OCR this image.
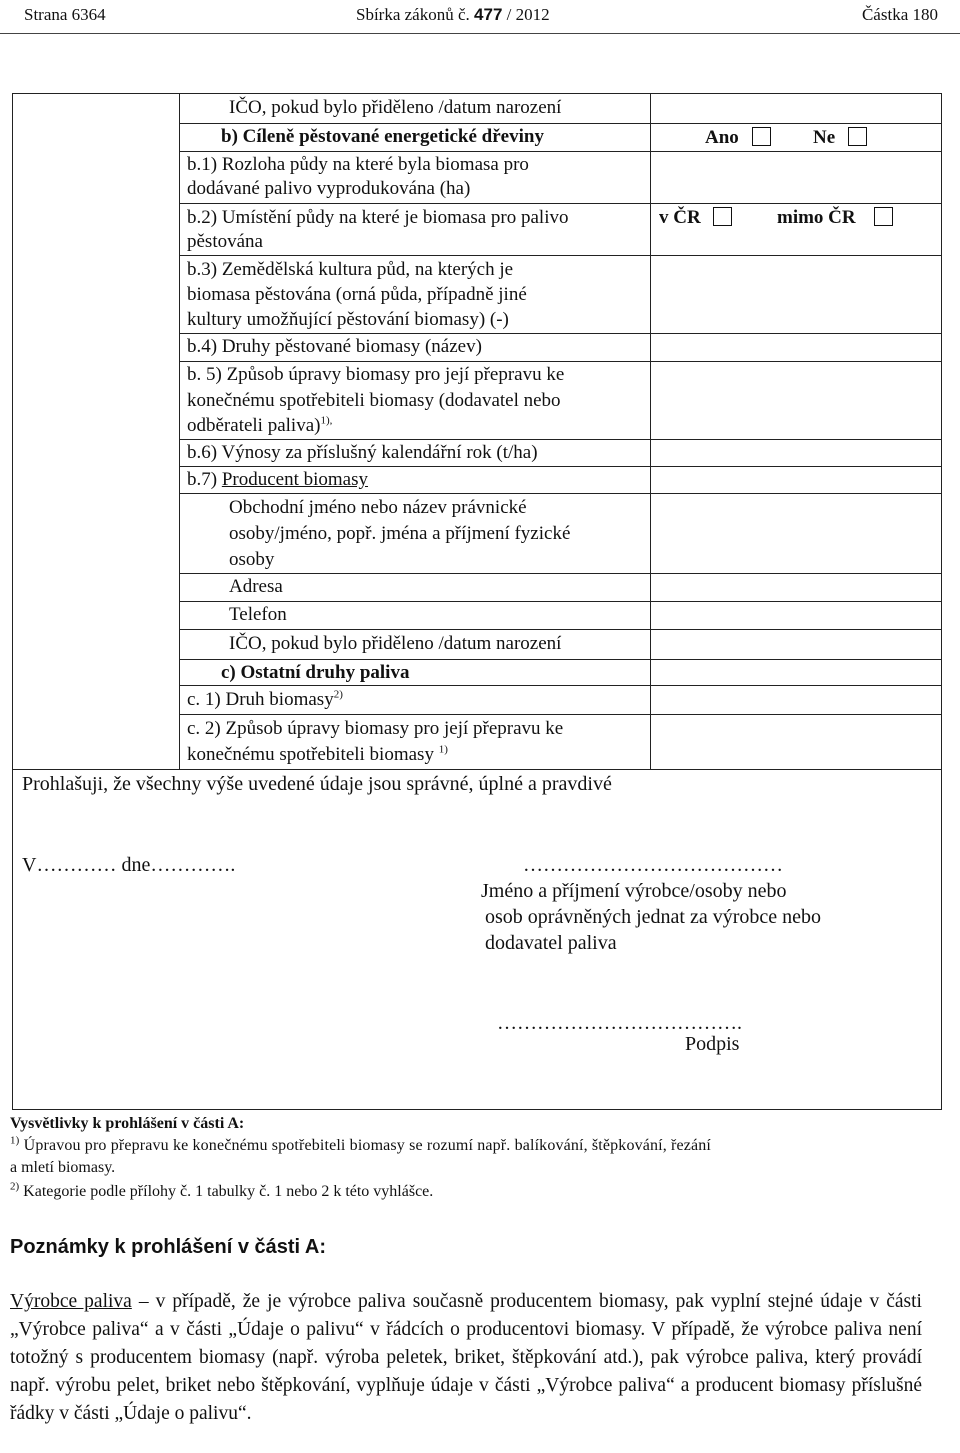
Strana 6364	Sbírka zákonů č. 477 / 2012	Částka 180
IČO, pokud bylo přiděleno /datum narození
b) Cíleně pěstované energetické dřeviny	Ano	Ne
b.1) Rozloha půdy na které byla biomasa pro
dodávané palivo vyprodukována (ha)
b.2) Umístění půdy na které je biomasa pro palivo
pěstována
v ČR	mimo ČR
b.3) Zemědělská kultura půd, na kterých je
biomasa pěstována (orná půda, případně jiné
kultury umožňující pěstování biomasy) (-)
b.4) Druhy pěstované biomasy (název)
b. 5) Způsob úpravy biomasy pro její přepravu ke
konečnému spotřebiteli biomasy (dodavatel nebo
odběrateli paliva)$^{1),}$
b.6) Výnosy za příslušný kalendářní rok (t/ha)
b.7) Producent biomasy
Obchodní jméno nebo název právnické
osoby/jméno, popř. jména a příjmení fyzické
osoby
Adresa
Telefon
IČO, pokud bylo přiděleno /datum narození
c) Ostatní druhy paliva
c. 1) Druh biomasy$^{2)}$
c. 2) Způsob úpravy biomasy pro její přepravu ke
konečnému spotřebiteli biomasy $^{1)}$
Prohlašuji, že všechny výše uvedené údaje jsou správné, úplné a pravdivé
V………… dne………….	…………………………………
Jméno a příjmení výrobce/osoby nebo
osob oprávněných jednat za výrobce nebo
dodavatel paliva
……………………………….
Podpis
Vysvětlivky k prohlášení v části A:
$^{1)}$ Úpravou pro přepravu ke konečnému spotřebiteli biomasy se rozumí např. balíkování, štěpkování, řezání
a mletí biomasy.
$^{2)}$ Kategorie podle přílohy č. 1 tabulky č. 1 nebo 2 k této vyhlášce.
Poznámky k prohlášení v části A:
Výrobce paliva – v případě, že je výrobce paliva současně producentem biomasy, pak vyplní stejné údaje v části „Výrobce paliva“ a v části „Údaje o palivu“ v řádcích o producentovi biomasy. V případě, že výrobce paliva není totožný s producentem biomasy (např. výroba peletek, briket, štěpkování atd.), pak výrobce paliva, který provádí např. výrobu pelet, briket nebo štěpkování, vyplňuje údaje v části „Výrobce paliva“ a producent biomasy příslušné řádky v části „Údaje o palivu“.
